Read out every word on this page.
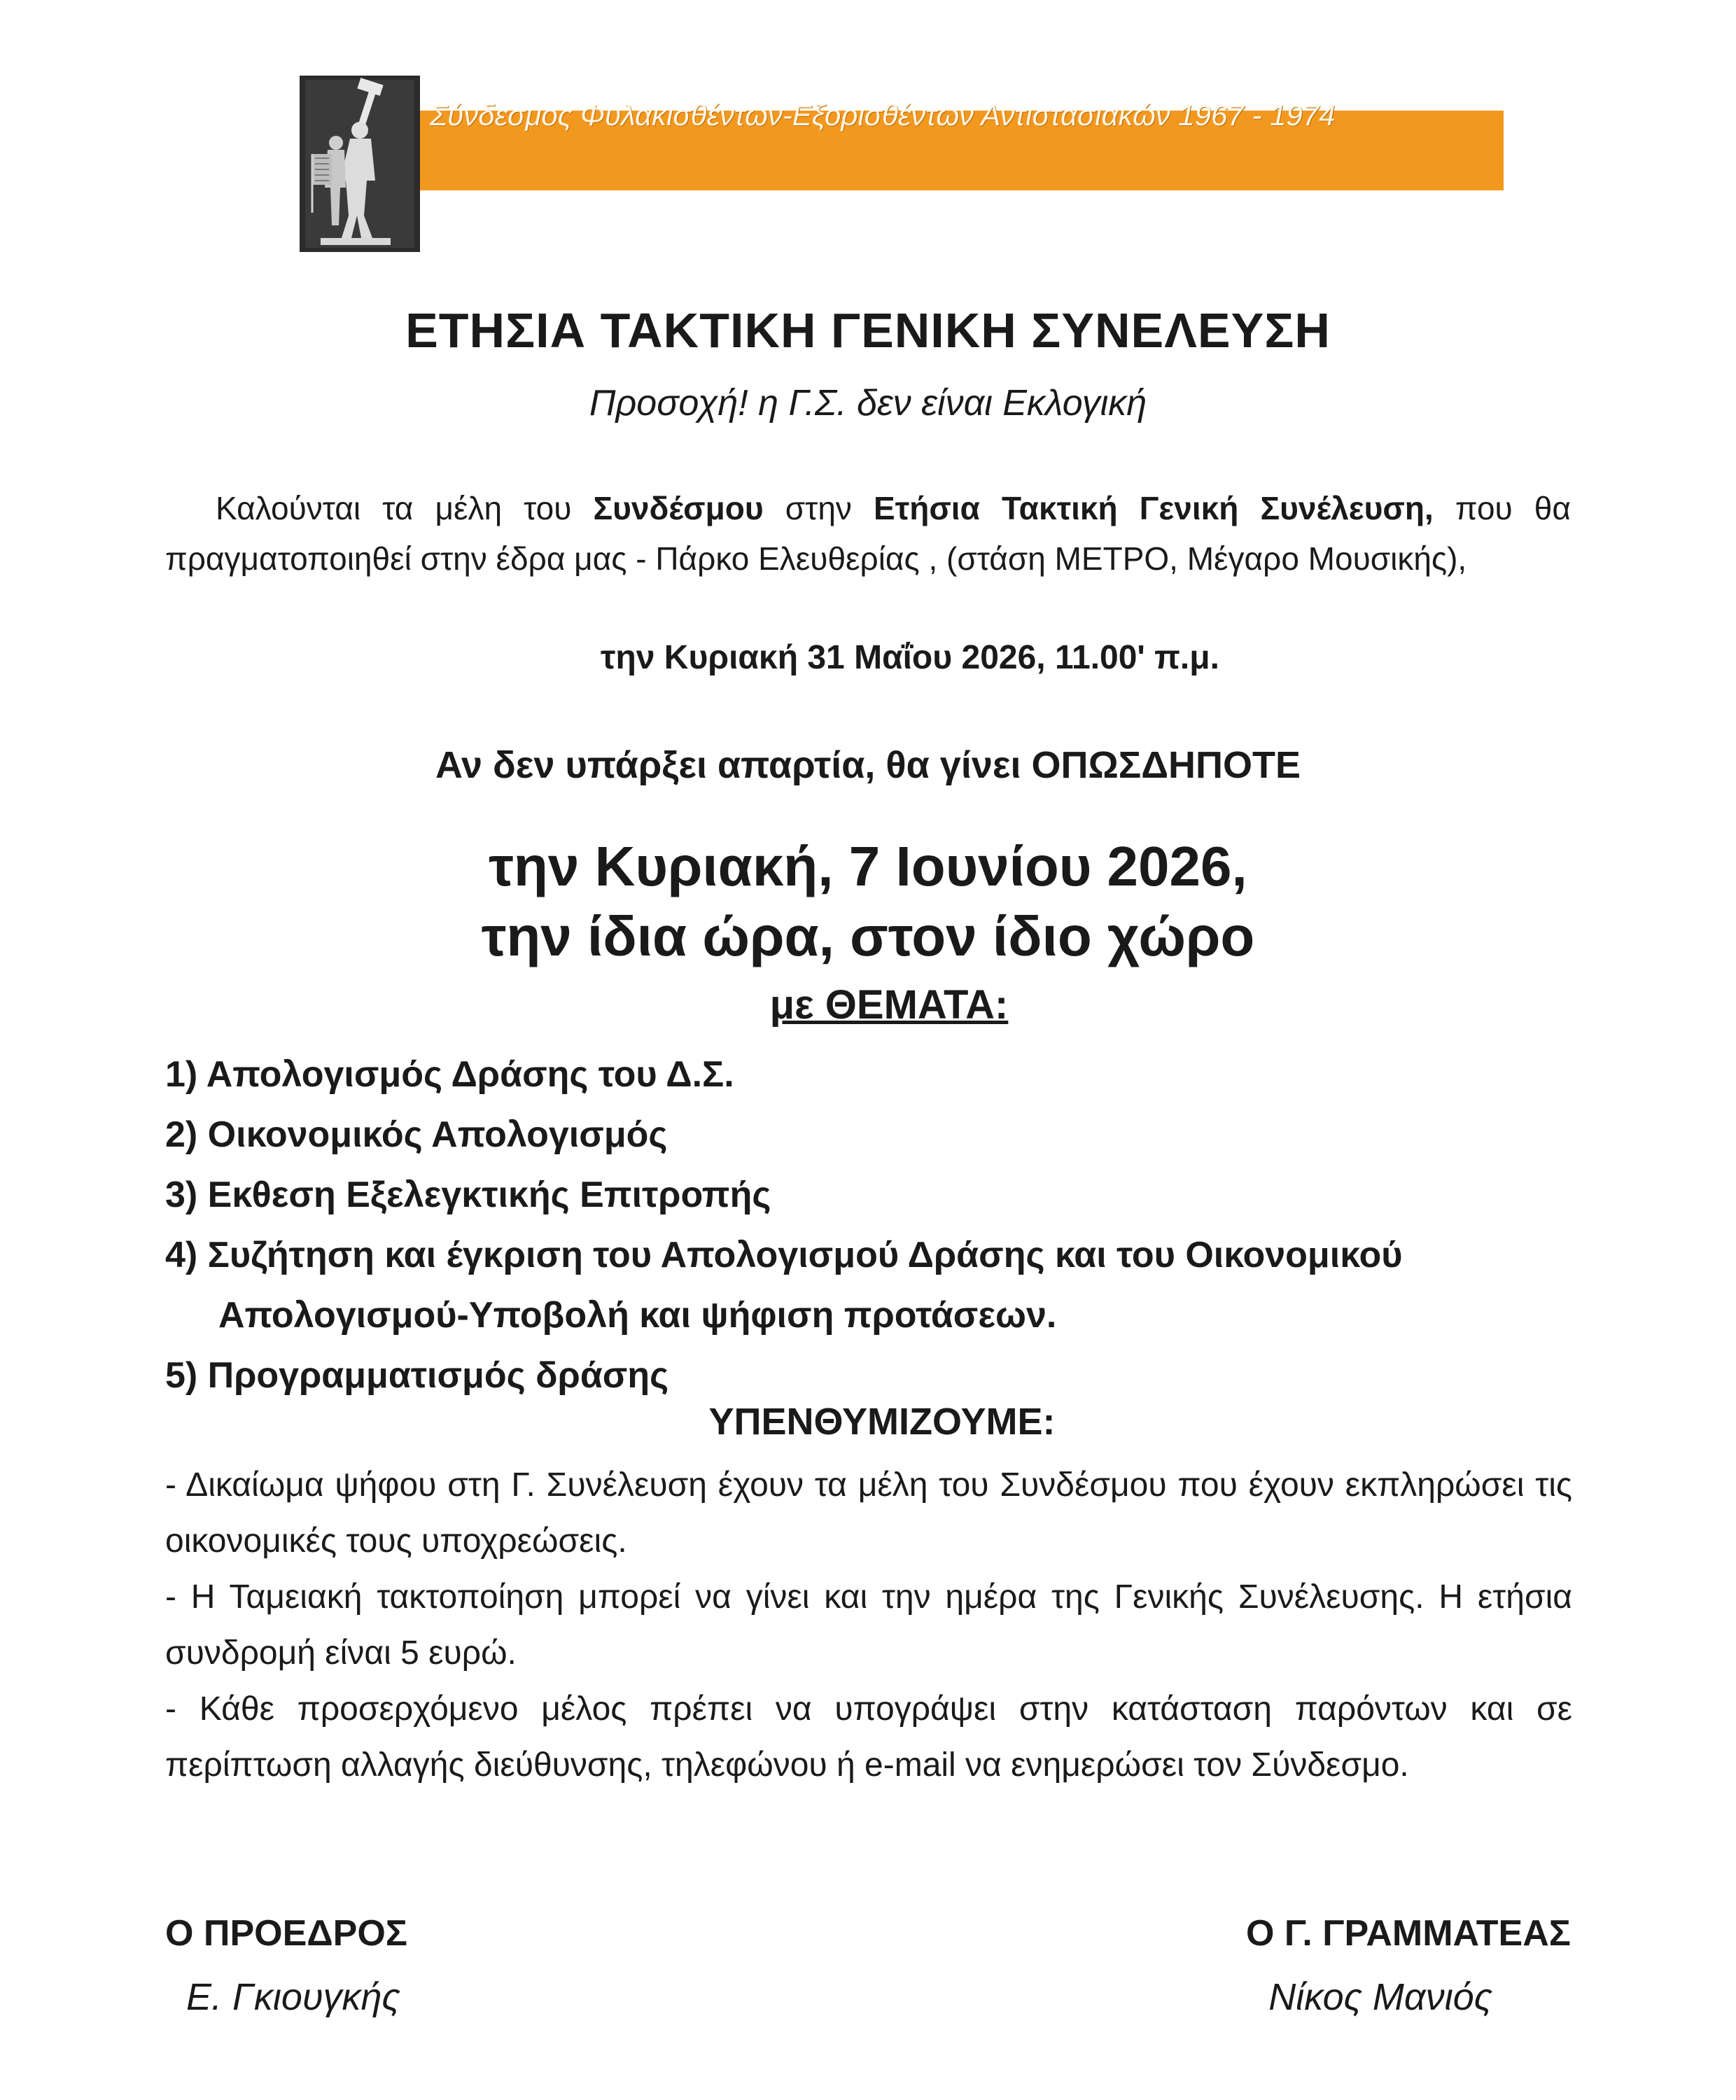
Σύνδεσμος Φυλακισθέντων-Εξορισθέντων Αντιστασιακών 1967 - 1974
ΕΤΗΣΙΑ ΤΑΚΤΙΚΗ ΓΕΝΙΚΗ ΣΥΝΕΛΕΥΣΗ
Προσοχή! η Γ.Σ. δεν είναι Εκλογική
Καλούνται τα μέλη του Συνδέσμου στην Ετήσια Τακτική Γενική Συνέλευση, που θα πραγματοποιηθεί στην έδρα μας - Πάρκο Ελευθερίας , (στάση ΜΕΤΡΟ, Μέγαρο Μουσικής),
την Κυριακή 31 Μαΐου 2026, 11.00' π.μ.
Αν δεν υπάρξει απαρτία, θα γίνει ΟΠΩΣΔΗΠΟΤΕ
την Κυριακή, 7 Ιουνίου 2026,
την ίδια ώρα, στον ίδιο χώρο
με ΘΕΜΑΤΑ:
1) Απολογισμός Δράσης του Δ.Σ.
2) Οικονομικός Απολογισμός
3) Εκθεση Εξελεγκτικής Επιτροπής
4) Συζήτηση και έγκριση του Απολογισμού Δράσης και του Οικονομικού
Απολογισμού-Υποβολή και ψήφιση προτάσεων.
5) Προγραμματισμός δράσης
ΥΠΕΝΘΥΜΙΖΟΥΜΕ:

- Δικαίωμα ψήφου στη Γ. Συνέλευση έχουν τα μέλη του Συνδέσμου που έχουν εκπληρώσει τις οικονομικές τους υποχρεώσεις.

- Η Ταμειακή τακτοποίηση μπορεί να γίνει και την ημέρα της Γενικής Συνέλευσης. Η ετήσια συνδρομή είναι 5 ευρώ.

- Κάθε προσερχόμενο μέλος πρέπει να υπογράψει στην κατάσταση παρόντων και σε περίπτωση αλλαγής διεύθυνσης, τηλεφώνου ή e-mail να ενημερώσει τον Σύνδεσμο.

Ο ΠΡΟΕΔΡΟΣ
Ε. Γκιουγκής
Ο Γ. ΓΡΑΜΜΑΤΕΑΣ
Νίκος Μανιός
